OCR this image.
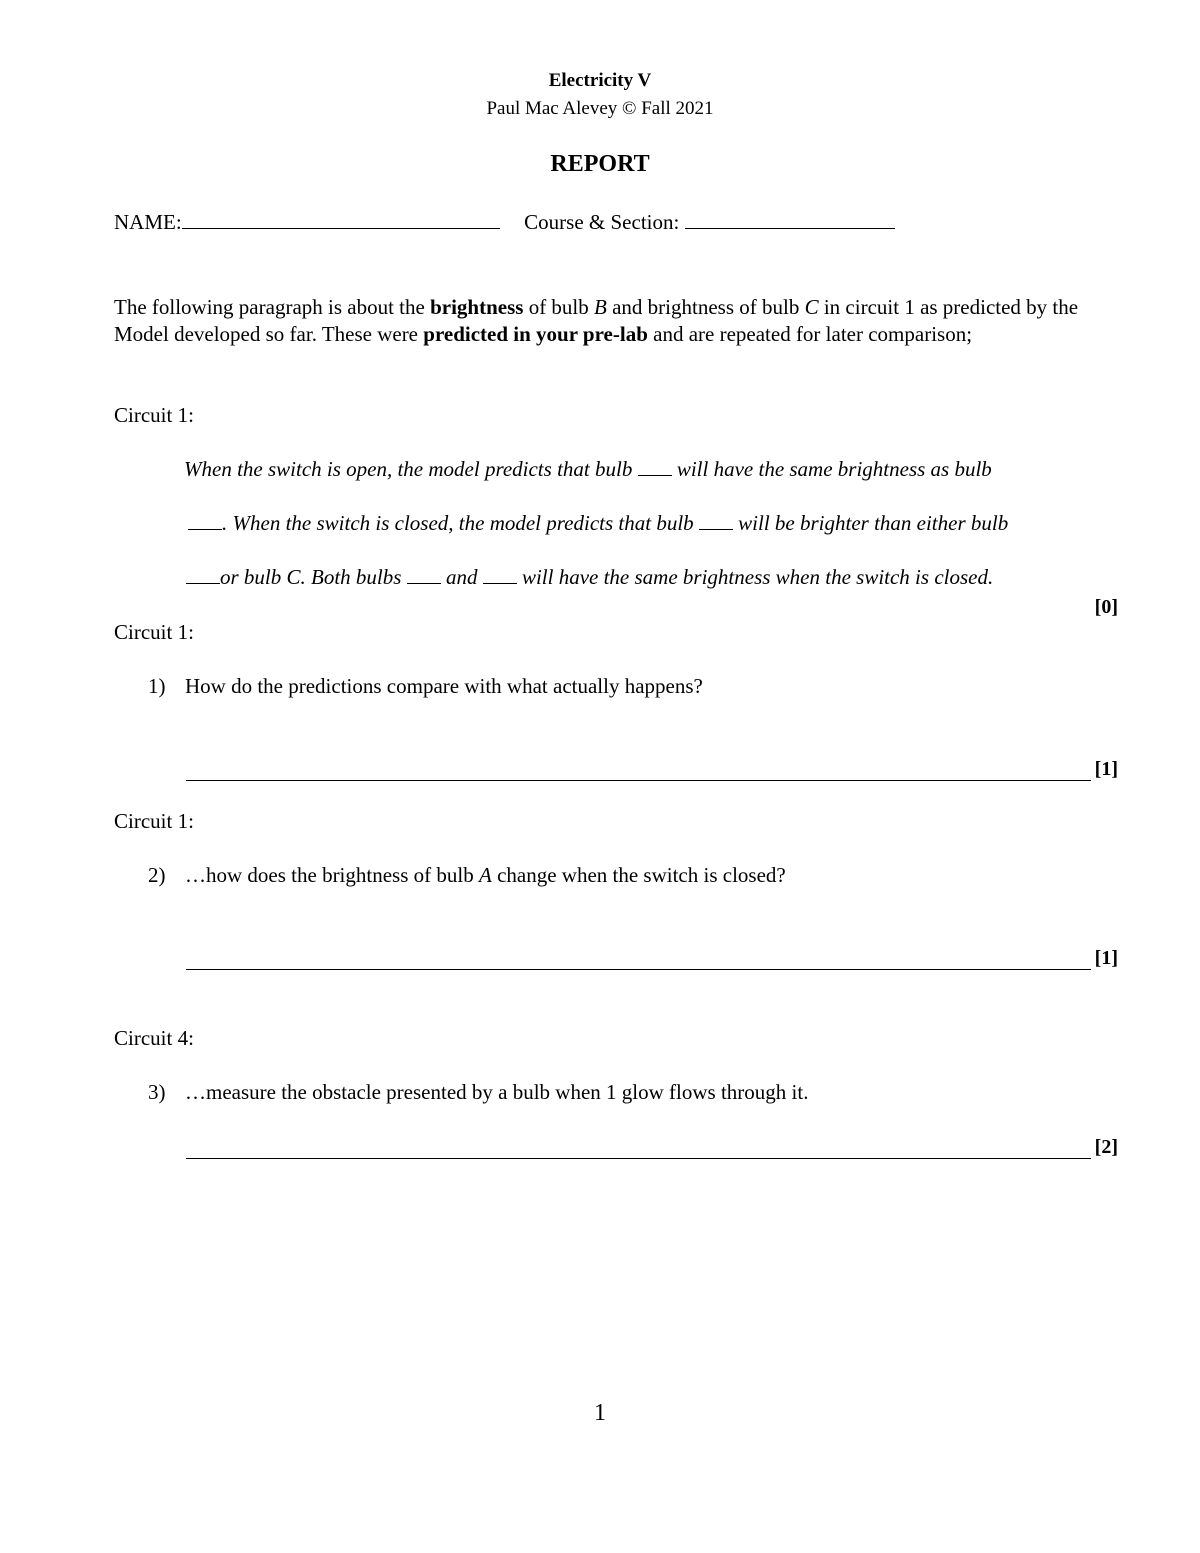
Electricity V
Paul Mac Alevey © Fall 2021
REPORT
NAME:	Course & Section:

The following paragraph is about the brightness of bulb B and brightness of bulb C in circuit 1 as predicted by the Model developed so far. These were predicted in your pre-lab and are repeated for later comparison;

Circuit 1:
When the switch is open, the model predicts that bulb  will have the same brightness as bulb
. When the switch is closed, the model predicts that bulb  will be brighter than either bulb
or bulb C. Both bulbs  and  will have the same brightness when the switch is closed.
[0]
Circuit 1:
1) How do the predictions compare with what actually happens?
[1]
Circuit 1:
2) …how does the brightness of bulb A change when the switch is closed?
[1]
Circuit 4:
3) …measure the obstacle presented by a bulb when 1 glow flows through it.
[2]
1
